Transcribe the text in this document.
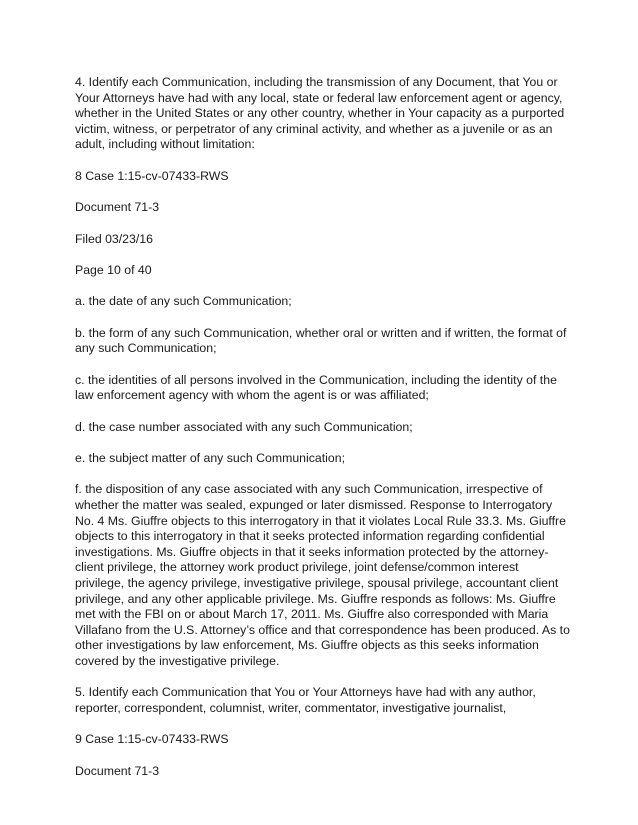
4. Identify each Communication, including the transmission of any Document, that You or Your Attorneys have had with any local, state or federal law enforcement agent or agency, whether in the United States or any other country, whether in Your capacity as a purported victim, witness, or perpetrator of any criminal activity, and whether as a juvenile or as an adult, including without limitation:

8 Case 1:15-cv-07433-RWS

Document 71-3

Filed 03/23/16

Page 10 of 40

a. the date of any such Communication;

b. the form of any such Communication, whether oral or written and if written, the format of any such Communication;

c. the identities of all persons involved in the Communication, including the identity of the law enforcement agency with whom the agent is or was affiliated;

d. the case number associated with any such Communication;

e. the subject matter of any such Communication;

f. the disposition of any case associated with any such Communication, irrespective of whether the matter was sealed, expunged or later dismissed. Response to Interrogatory No. 4 Ms. Giuffre objects to this interrogatory in that it violates Local Rule 33.3. Ms. Giuffre objects to this interrogatory in that it seeks protected information regarding confidential investigations. Ms. Giuffre objects in that it seeks information protected by the attorney-client privilege, the attorney work product privilege, joint defense/common interest privilege, the agency privilege, investigative privilege, spousal privilege, accountant client privilege, and any other applicable privilege. Ms. Giuffre responds as follows: Ms. Giuffre met with the FBI on or about March 17, 2011. Ms. Giuffre also corresponded with Maria Villafano from the U.S. Attorney’s office and that correspondence has been produced. As to other investigations by law enforcement, Ms. Giuffre objects as this seeks information covered by the investigative privilege.

5. Identify each Communication that You or Your Attorneys have had with any author, reporter, correspondent, columnist, writer, commentator, investigative journalist,

9 Case 1:15-cv-07433-RWS

Document 71-3
